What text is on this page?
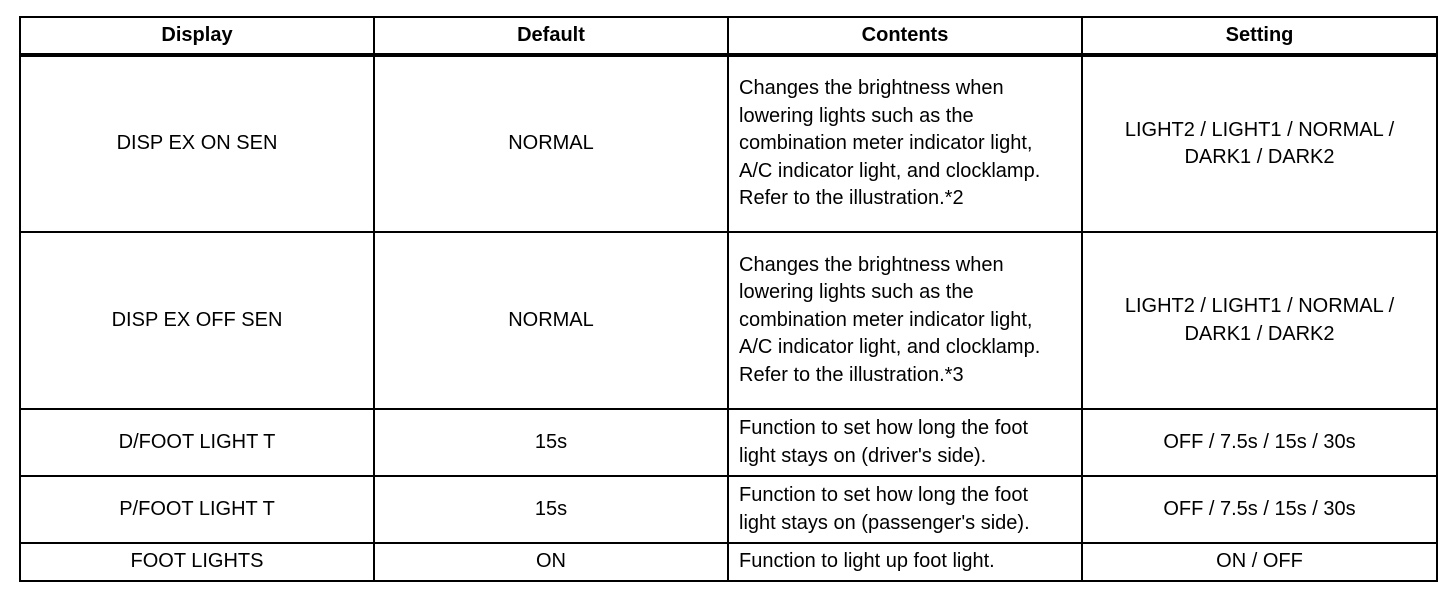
Display	Default	Contents	Setting
DISP EX ON SEN	NORMAL	Changes the brightness when lowering lights such as the combination meter indicator light, A/C indicator light, and clocklamp. Refer to the illustration.*2	LIGHT2 / LIGHT1 / NORMAL / DARK1 / DARK2
DISP EX OFF SEN	NORMAL	Changes the brightness when lowering lights such as the combination meter indicator light, A/C indicator light, and clocklamp. Refer to the illustration.*3	LIGHT2 / LIGHT1 / NORMAL / DARK1 / DARK2
D/FOOT LIGHT T	15s	Function to set how long the foot light stays on (driver's side).	OFF / 7.5s / 15s / 30s
P/FOOT LIGHT T	15s	Function to set how long the foot light stays on (passenger's side).	OFF / 7.5s / 15s / 30s
FOOT LIGHTS	ON	Function to light up foot light.	ON / OFF
